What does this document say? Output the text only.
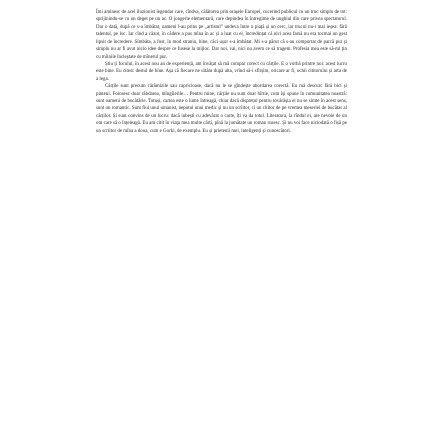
Îmi aminesc de acel iluzionist legendar care, cîndva, călătorea prin orașele Europei, cucerind publicul cu un truc simplu de tot: sprijinindu-se cu un deget pe un ac. O jongerie elementară, care depindea în întregime de unghiul din care privea spectatorul. Dar o dată, după ce s-a îmbătat, oameni l-au prins pe „artistul” undeva între o piață și un cerc, iar trucul nu-i mai ieșea: fără talentul, pe loc. Iar cînd a căzut, în cădere a pus mîna în ac și a luat cu el, încredințat că nici acea farsă nu era tocmai un gest lipsit de încredere. Sîmbăta, a fost, în mod straniu, bine, căci ușor s-a îmbătat. Mi s-a părut că s-au comportat de parcă pur și simplu nu ar fi avut nicio idee despre ce fusese la mijloc. Dar noi, vai, nici nu avem ce să tragem. Profesia mea este să-mi țin cu mîinile încleștate de mînerul pur.

Știu ți focului, în acest nou an de experiență, am învățat să mă compar corect cu cărțile. E o vorbă printre noi: acest lucru este bine. Eu citesc destul de bine. Așa că fiecare ne uităm după alta, vrînd să-i sfîrșim, oricare ar fi, ochii cititorului și arta de a lega.

Cărțile sunt precum cărămizile sau capricioase, dacă nu le se gîndește abordarea corectă. Eu mă descurc fără bici și pinteni. Folosesc doar răbdarea, mîngîierile… Pentru mine, cărțile nu sunt doar hîrtie, cum își spune în comunitatea noastră: sunt oameni de bucătărie. Totuși, cartea este o lume întreagă, chiar dacă disprețul pentru tovărășia ei nu se simte în acest sens, sunt un romantic. Sunt fiul unui umanist, nepotul unui medic și nu un scriitor, ci un cititor de pe vremea meseriei de bucătar al cărților. Și sunt convins de un lucru: dacă iubești cu adevărat o carte, îți va da totul. Literatura, la rîndul ei, are nevoie de un om care să o înțeleagă. Eu am citit în viața mea multe cărți, pînă la jumătate un roman rusesc. Și nu voi face niciodată o fișă pe un scriitor de mîna a doua, cum e Gorki, de exemplu. Eu și prietenii mei, inteligenți și cunoscători.
